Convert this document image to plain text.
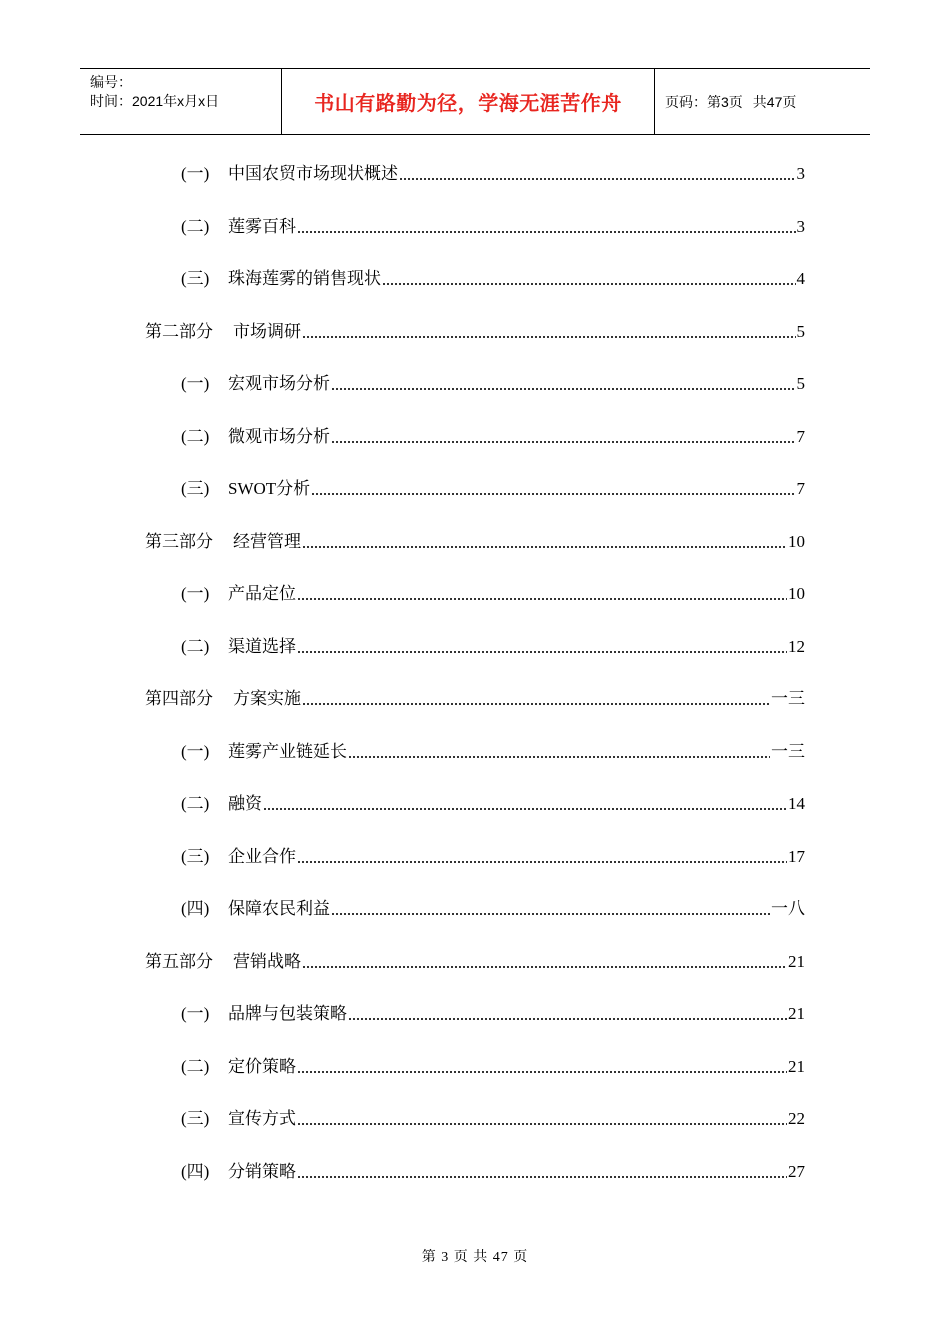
编号：
时间：2021年x月x日	书山有路勤为径，学海无涯苦作舟	页码：第3页 共47页
(一)	中国农贸市场现状概述	3
(二)	莲雾百科	3
(三)	珠海莲雾的销售现状	4
第二部分 市场调研	5
(一)	宏观市场分析	5
(二)	微观市场分析	7
(三)	SWOT分析	7
第三部分 经营管理	10
(一)	产品定位	10
(二)	渠道选择	12
第四部分 方案实施	一三
(一)	莲雾产业链延长	一三
(二)	融资	14
(三)	企业合作	17
(四)	保障农民利益	一八
第五部分 营销战略	21
(一)	品牌与包装策略	21
(二)	定价策略	21
(三)	宣传方式	22
(四)	分销策略	27
第 3 页 共 47 页
